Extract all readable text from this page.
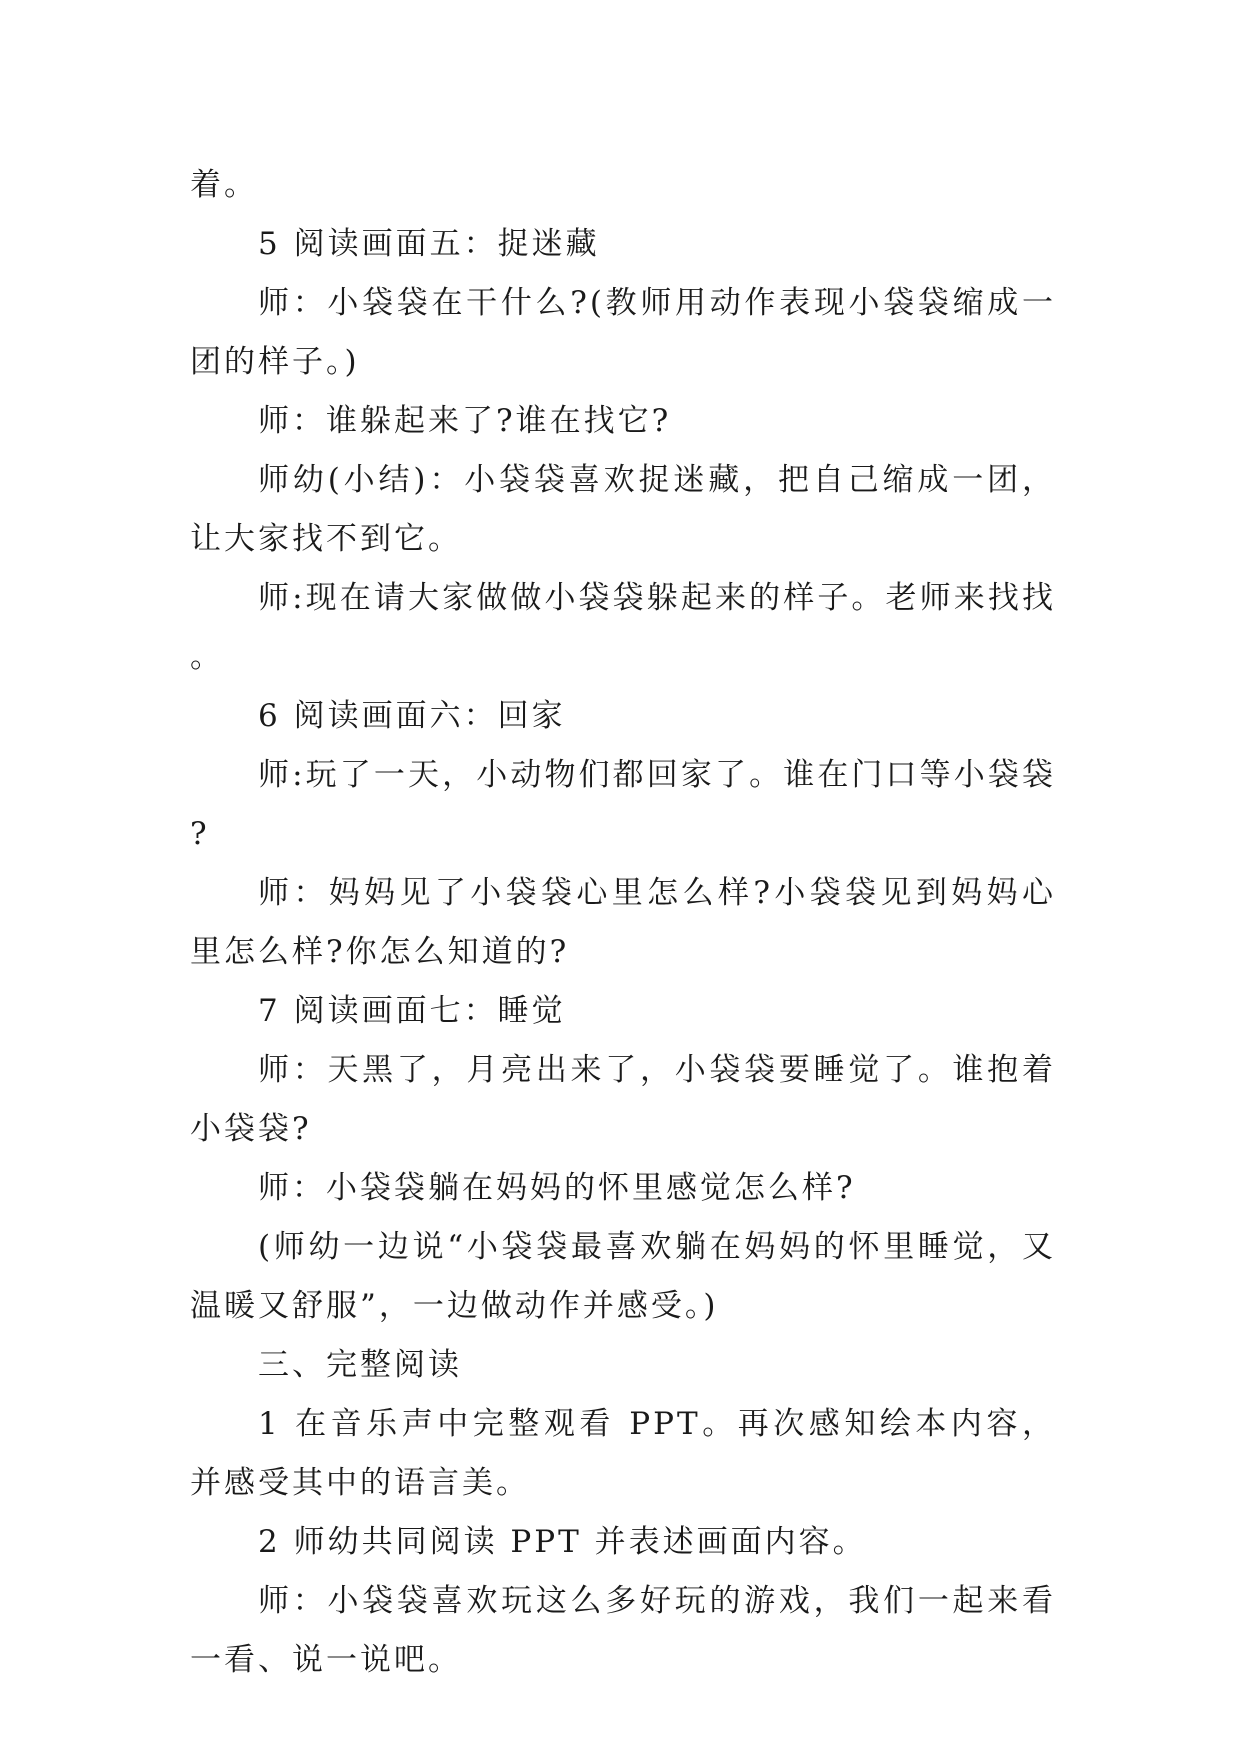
着。

5 阅读画面五：捉迷藏

师：小袋袋在干什么?(教师用动作表现小袋袋缩成一团的样子。)

师：谁躲起来了?谁在找它?

师幼(小结)：小袋袋喜欢捉迷藏，把自己缩成一团，让大家找不到它。

师:现在请大家做做小袋袋躲起来的样子。老师来找找。

6 阅读画面六：回家

师:玩了一天，小动物们都回家了。谁在门口等小袋袋?

师：妈妈见了小袋袋心里怎么样?小袋袋见到妈妈心里怎么样?你怎么知道的?

7 阅读画面七：睡觉

师：天黑了，月亮出来了，小袋袋要睡觉了。谁抱着小袋袋?

师：小袋袋躺在妈妈的怀里感觉怎么样?

(师幼一边说“小袋袋最喜欢躺在妈妈的怀里睡觉，又温暖又舒服”，一边做动作并感受。)

三、完整阅读

1 在音乐声中完整观看 PPT。再次感知绘本内容，并感受其中的语言美。

2 师幼共同阅读 PPT 并表述画面内容。

师：小袋袋喜欢玩这么多好玩的游戏，我们一起来看一看、说一说吧。
